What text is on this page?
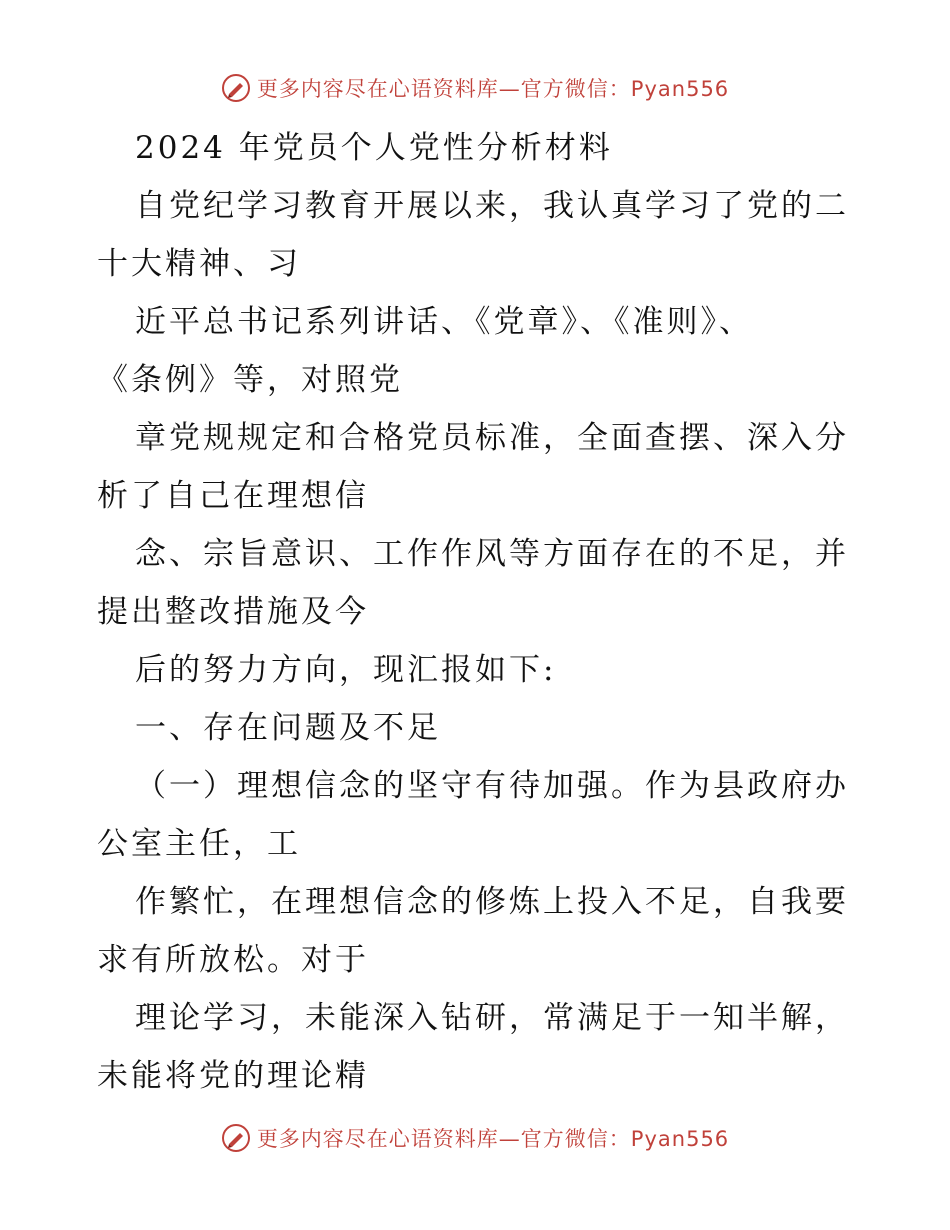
更多内容尽在心语资料库—官方微信：Pyan556

2024 年党员个人党性分析材料

自党纪学习教育开展以来，我认真学习了党的二

十大精神、习

近平总书记系列讲话、《党章》、《准则》、

《条例》等，对照党

章党规规定和合格党员标准，全面查摆、深入分

析了自己在理想信

念、宗旨意识、工作作风等方面存在的不足，并

提出整改措施及今

后的努力方向，现汇报如下:

一、存在问题及不足

（一）理想信念的坚守有待加强。作为县政府办

公室主任，工

作繁忙，在理想信念的修炼上投入不足，自我要

求有所放松。对于

理论学习，未能深入钻研，常满足于一知半解，

未能将党的理论精

更多内容尽在心语资料库—官方微信：Pyan556
